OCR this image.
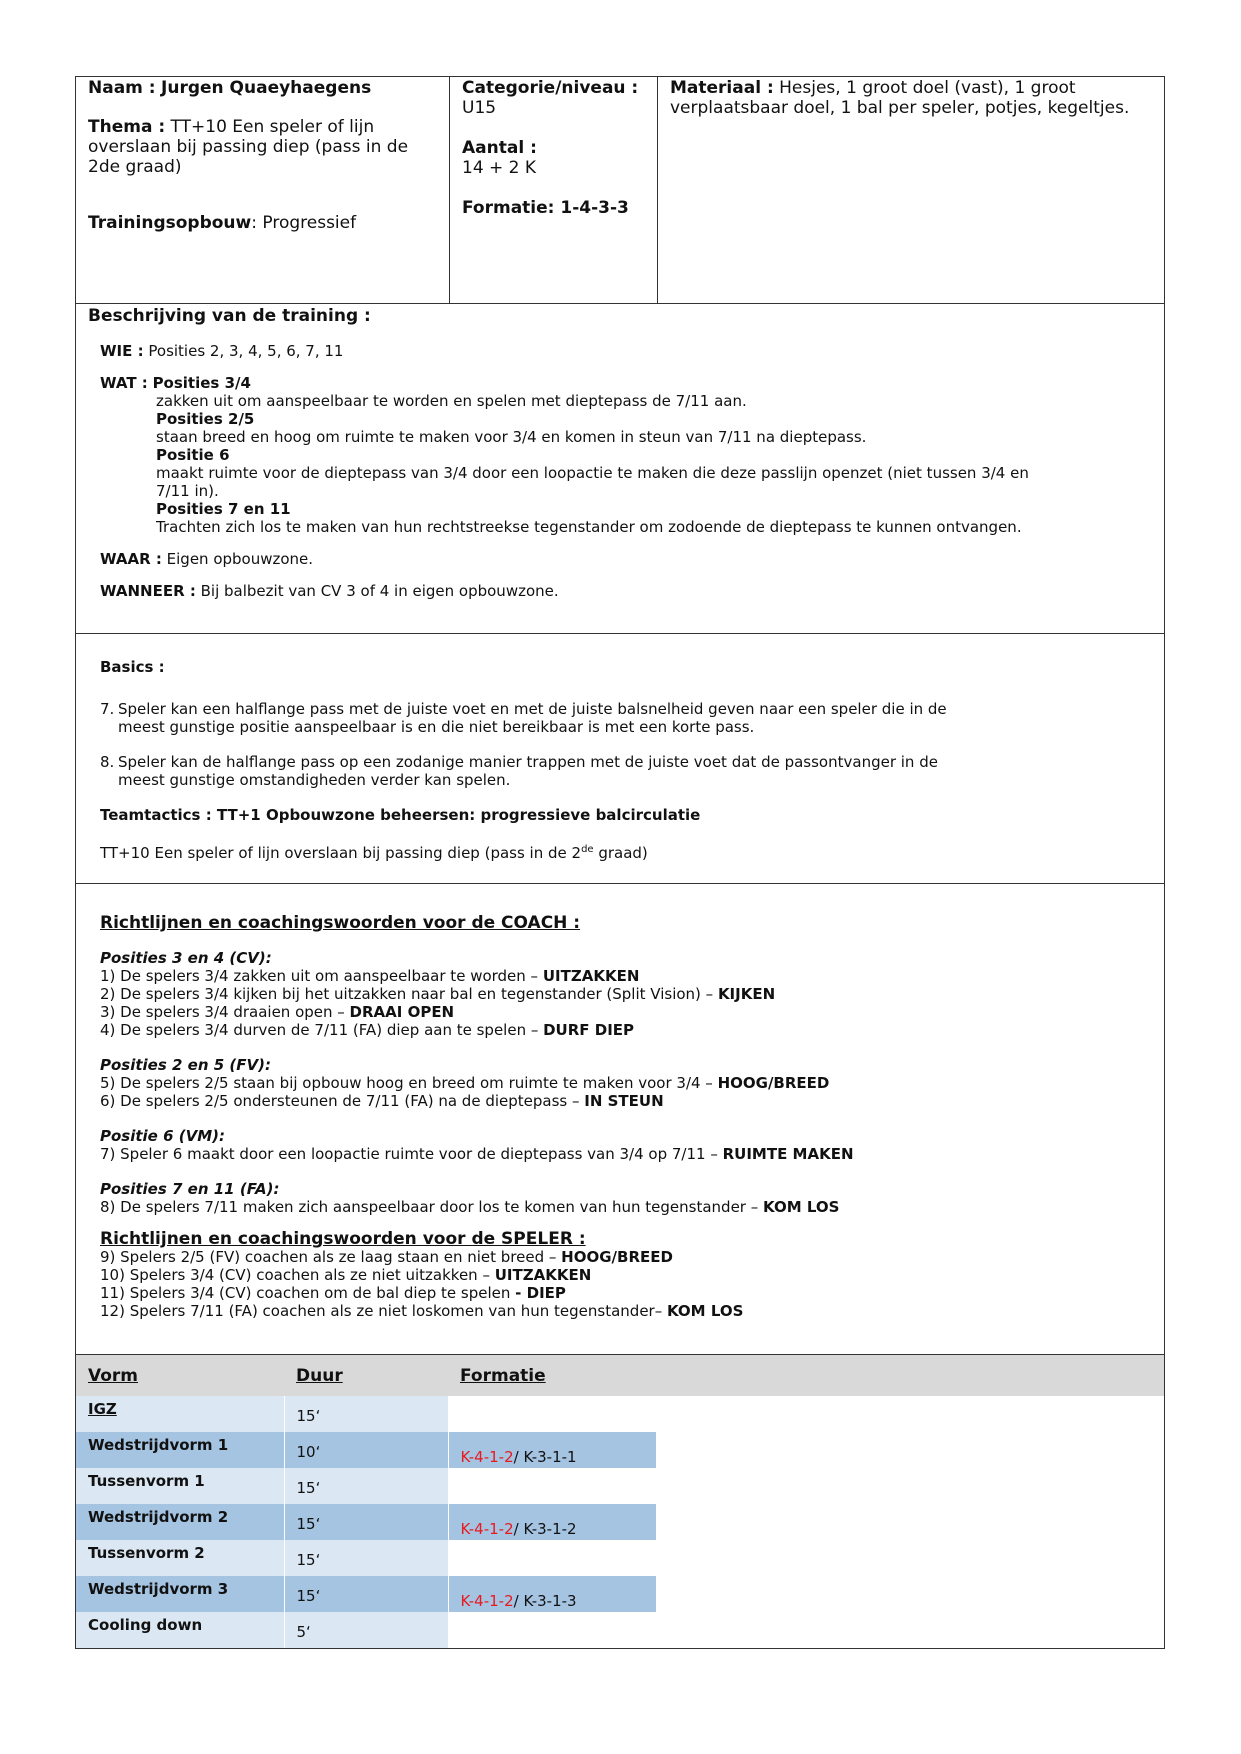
Naam : Jurgen Quaeyhaegens

Thema : TT+10 Een speler of lijn overslaan bij passing diep (pass in de 2de graad)

Trainingsopbouw: Progressief

Categorie/niveau :

U15

Aantal :

14 + 2 K

Formatie: 1-4-3-3

Materiaal : Hesjes, 1 groot doel (vast), 1 groot verplaatsbaar doel, 1 bal per speler, potjes, kegeltjes.

Beschrijving van de training :
WIE : Posities 2, 3, 4, 5, 6, 7, 11
WAT : Posities 3/4
zakken uit om aanspeelbaar te worden en spelen met dieptepass de 7/11 aan.
Posities 2/5
staan breed en hoog om ruimte te maken voor 3/4 en komen in steun van 7/11 na dieptepass.
Positie 6
maakt ruimte voor de dieptepass van 3/4 door een loopactie te maken die deze passlijn openzet (niet tussen 3/4 en
7/11 in).
Posities 7 en 11
Trachten zich los te maken van hun rechtstreekse tegenstander om zodoende de dieptepass te kunnen ontvangen.
WAAR : Eigen opbouwzone.
WANNEER : Bij balbezit van CV 3 of 4 in eigen opbouwzone.
Basics :
7. Speler kan een halflange pass met de juiste voet en met de juiste balsnelheid geven naar een speler die in de
meest gunstige positie aanspeelbaar is en die niet bereikbaar is met een korte pass.
8. Speler kan de halflange pass op een zodanige manier trappen met de juiste voet dat de passontvanger in de
meest gunstige omstandigheden verder kan spelen.
Teamtactics : TT+1 Opbouwzone beheersen: progressieve balcirculatie
TT+10 Een speler of lijn overslaan bij passing diep (pass in de 2de graad)
Richtlijnen en coachingswoorden voor de COACH :
Posities 3 en 4 (CV):
1) De spelers 3/4 zakken uit om aanspeelbaar te worden – UITZAKKEN
2) De spelers 3/4 kijken bij het uitzakken naar bal en tegenstander (Split Vision) – KIJKEN
3) De spelers 3/4 draaien open – DRAAI OPEN
4) De spelers 3/4 durven de 7/11 (FA) diep aan te spelen – DURF DIEP
Posities 2 en 5 (FV):
5) De spelers 2/5 staan bij opbouw hoog en breed om ruimte te maken voor 3/4 – HOOG/BREED
6) De spelers 2/5 ondersteunen de 7/11 (FA) na de dieptepass – IN STEUN
Positie 6 (VM):
7) Speler 6 maakt door een loopactie ruimte voor de dieptepass van 3/4 op 7/11 – RUIMTE MAKEN
Posities 7 en 11 (FA):
8) De spelers 7/11 maken zich aanspeelbaar door los te komen van hun tegenstander – KOM LOS
Richtlijnen en coachingswoorden voor de SPELER :
9) Spelers 2/5 (FV) coachen als ze laag staan en niet breed – HOOG/BREED
10) Spelers 3/4 (CV) coachen als ze niet uitzakken – UITZAKKEN
11) Spelers 3/4 (CV) coachen om de bal diep te spelen - DIEP
12) Spelers 7/11 (FA) coachen als ze niet loskomen van hun tegenstander– KOM LOS
Vorm	Duur	Formatie	
IGZ	15‘		
Wedstrijdvorm 1	10‘	K-4-1-2/ K-3-1-1	
Tussenvorm 1	15‘		
Wedstrijdvorm 2	15‘	K-4-1-2/ K-3-1-2	
Tussenvorm 2	15‘		
Wedstrijdvorm 3	15‘	K-4-1-2/ K-3-1-3	
Cooling down	5‘		
